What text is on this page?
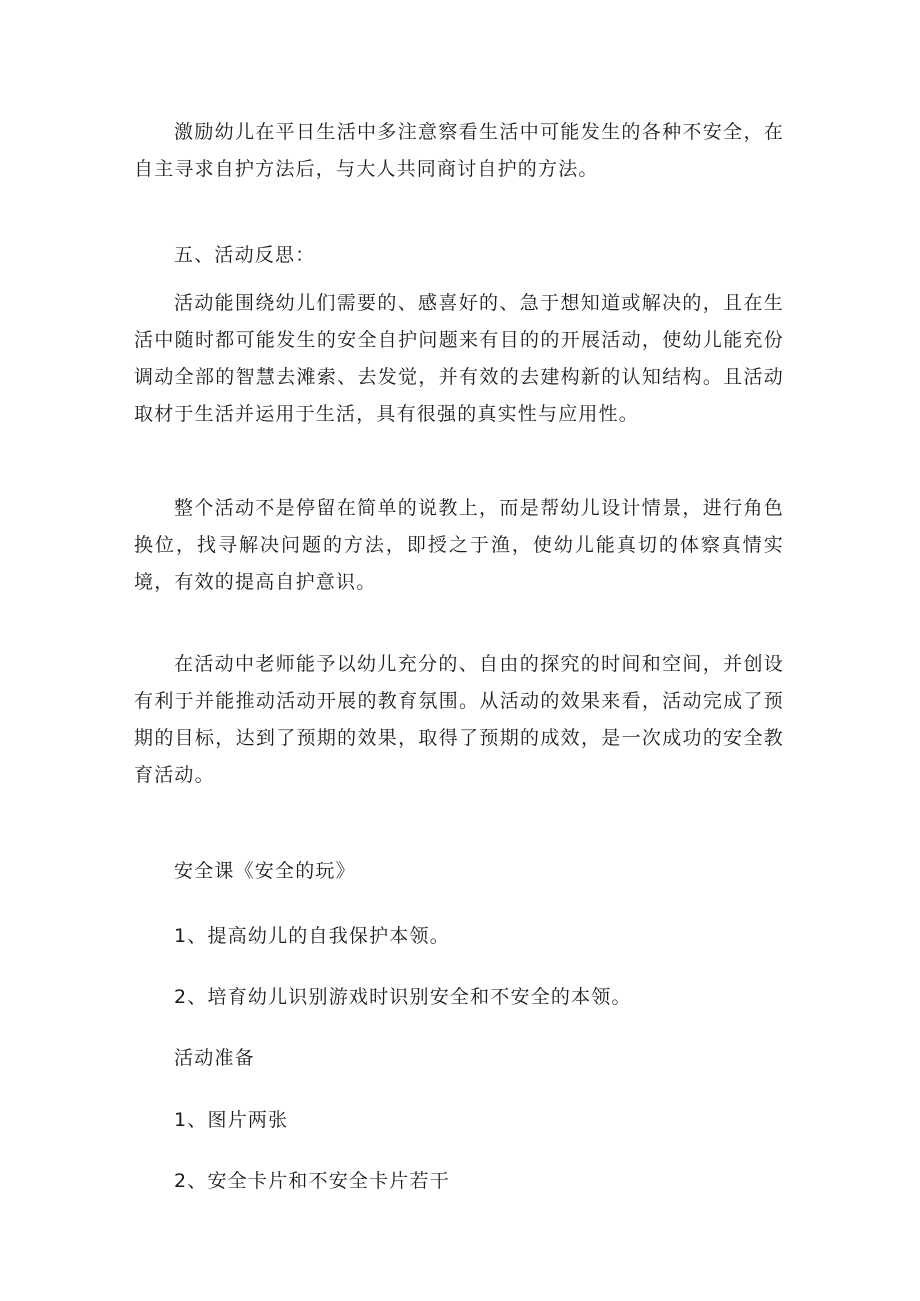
激励幼儿在平日生活中多注意察看生活中可能发生的各种不安全，在自主寻求自护方法后，与大人共同商讨自护的方法。

五、活动反思：

活动能围绕幼儿们需要的、感喜好的、急于想知道或解决的，且在生活中随时都可能发生的安全自护问题来有目的的开展活动，使幼儿能充份调动全部的智慧去滩索、去发觉，并有效的去建构新的认知结构。且活动取材于生活并运用于生活，具有很强的真实性与应用性。

整个活动不是停留在简单的说教上，而是帮幼儿设计情景，进行角色换位，找寻解决问题的方法，即授之于渔，使幼儿能真切的体察真情实境，有效的提高自护意识。

在活动中老师能予以幼儿充分的、自由的探究的时间和空间，并创设有利于并能推动活动开展的教育氛围。从活动的效果来看，活动完成了预期的目标，达到了预期的效果，取得了预期的成效，是一次成功的安全教育活动。

安全课《安全的玩》

1、提高幼儿的自我保护本领。

2、培育幼儿识别游戏时识别安全和不安全的本领。

活动准备

1、图片两张

2、安全卡片和不安全卡片若干
